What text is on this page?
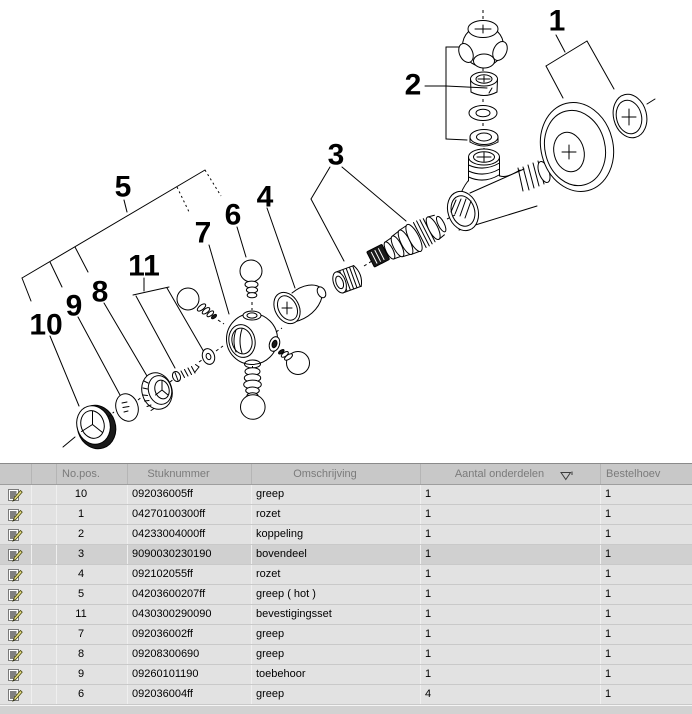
1
2
3
4
5
6
7
8
9
10
11
No.pos.	Stuknummer	Omschrijving	Aantal onderdelen	Bestelhoev
10	092036005ff	greep	1	1
1	04270100300ff	rozet	1	1
2	04233004000ff	koppeling	1	1
3	9090030230190	bovendeel	1	1
4	092102055ff	rozet	1	1
5	04203600207ff	greep ( hot )	1	1
11	0430300290090	bevestigingsset	1	1
7	092036002ff	greep	1	1
8	09208300690	greep	1	1
9	09260101190	toebehoor	1	1
6	092036004ff	greep	4	1
